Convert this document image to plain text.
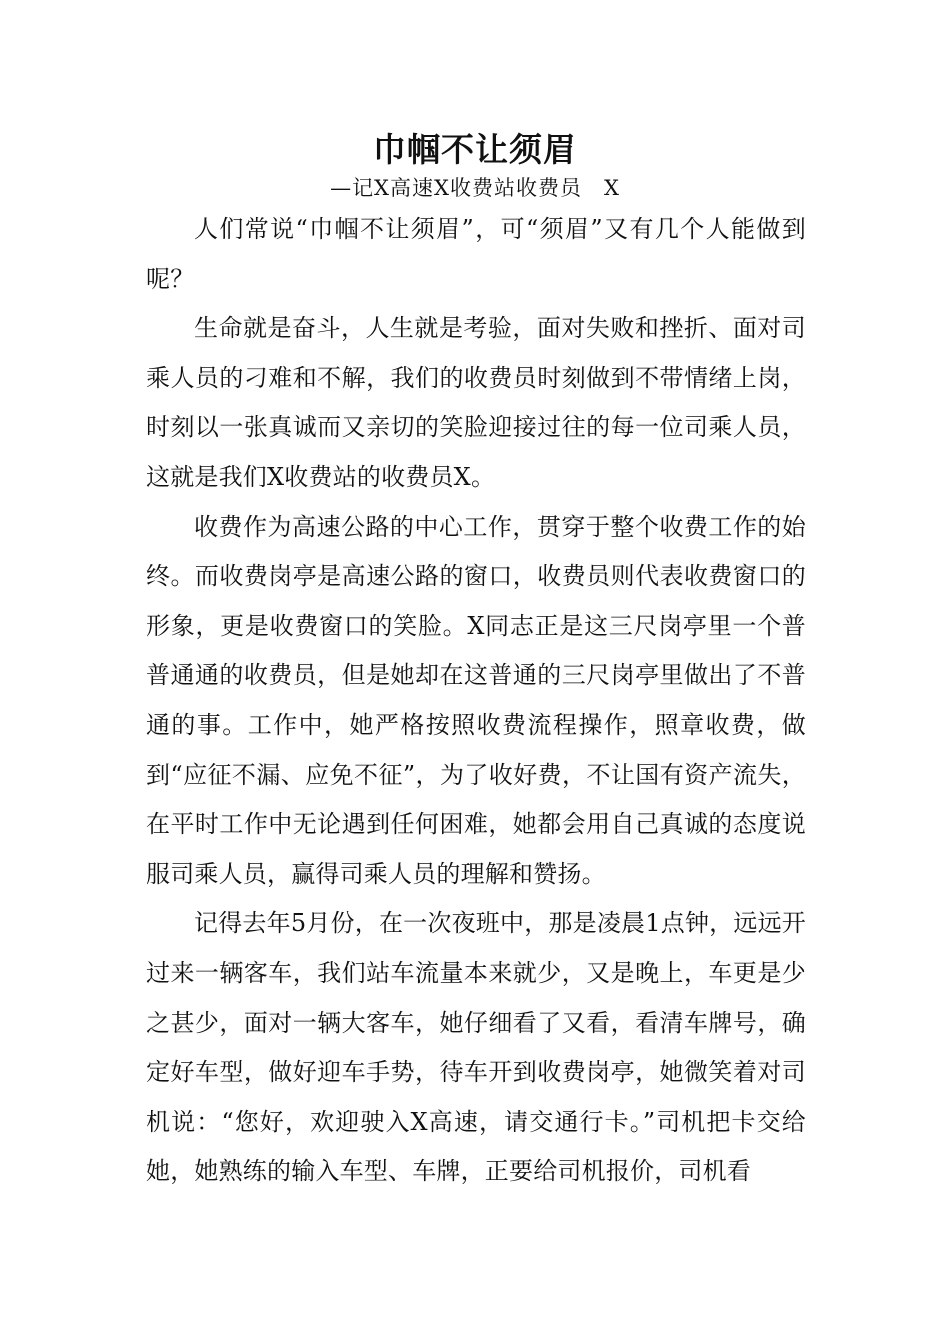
巾帼不让须眉

—记X高速X收费站收费员　X

人们常说“巾帼不让须眉”，可“须眉”又有几个人能做到呢？

生命就是奋斗，人生就是考验，面对失败和挫折、面对司乘人员的刁难和不解，我们的收费员时刻做到不带情绪上岗，时刻以一张真诚而又亲切的笑脸迎接过往的每一位司乘人员，这就是我们X收费站的收费员X。

收费作为高速公路的中心工作，贯穿于整个收费工作的始终。而收费岗亭是高速公路的窗口，收费员则代表收费窗口的形象，更是收费窗口的笑脸。X同志正是这三尺岗亭里一个普普通通的收费员，但是她却在这普通的三尺岗亭里做出了不普通的事。工作中，她严格按照收费流程操作，照章收费，做到“应征不漏、应免不征”，为了收好费，不让国有资产流失，在平时工作中无论遇到任何困难，她都会用自己真诚的态度说服司乘人员，赢得司乘人员的理解和赞扬。

记得去年5月份，在一次夜班中，那是凌晨1点钟，远远开过来一辆客车，我们站车流量本来就少，又是晚上，车更是少之甚少，面对一辆大客车，她仔细看了又看，看清车牌号，确定好车型，做好迎车手势，待车开到收费岗亭，她微笑着对司机说：“您好，欢迎驶入X高速，请交通行卡。”司机把卡交给她，她熟练的输入车型、车牌，正要给司机报价，司机看
